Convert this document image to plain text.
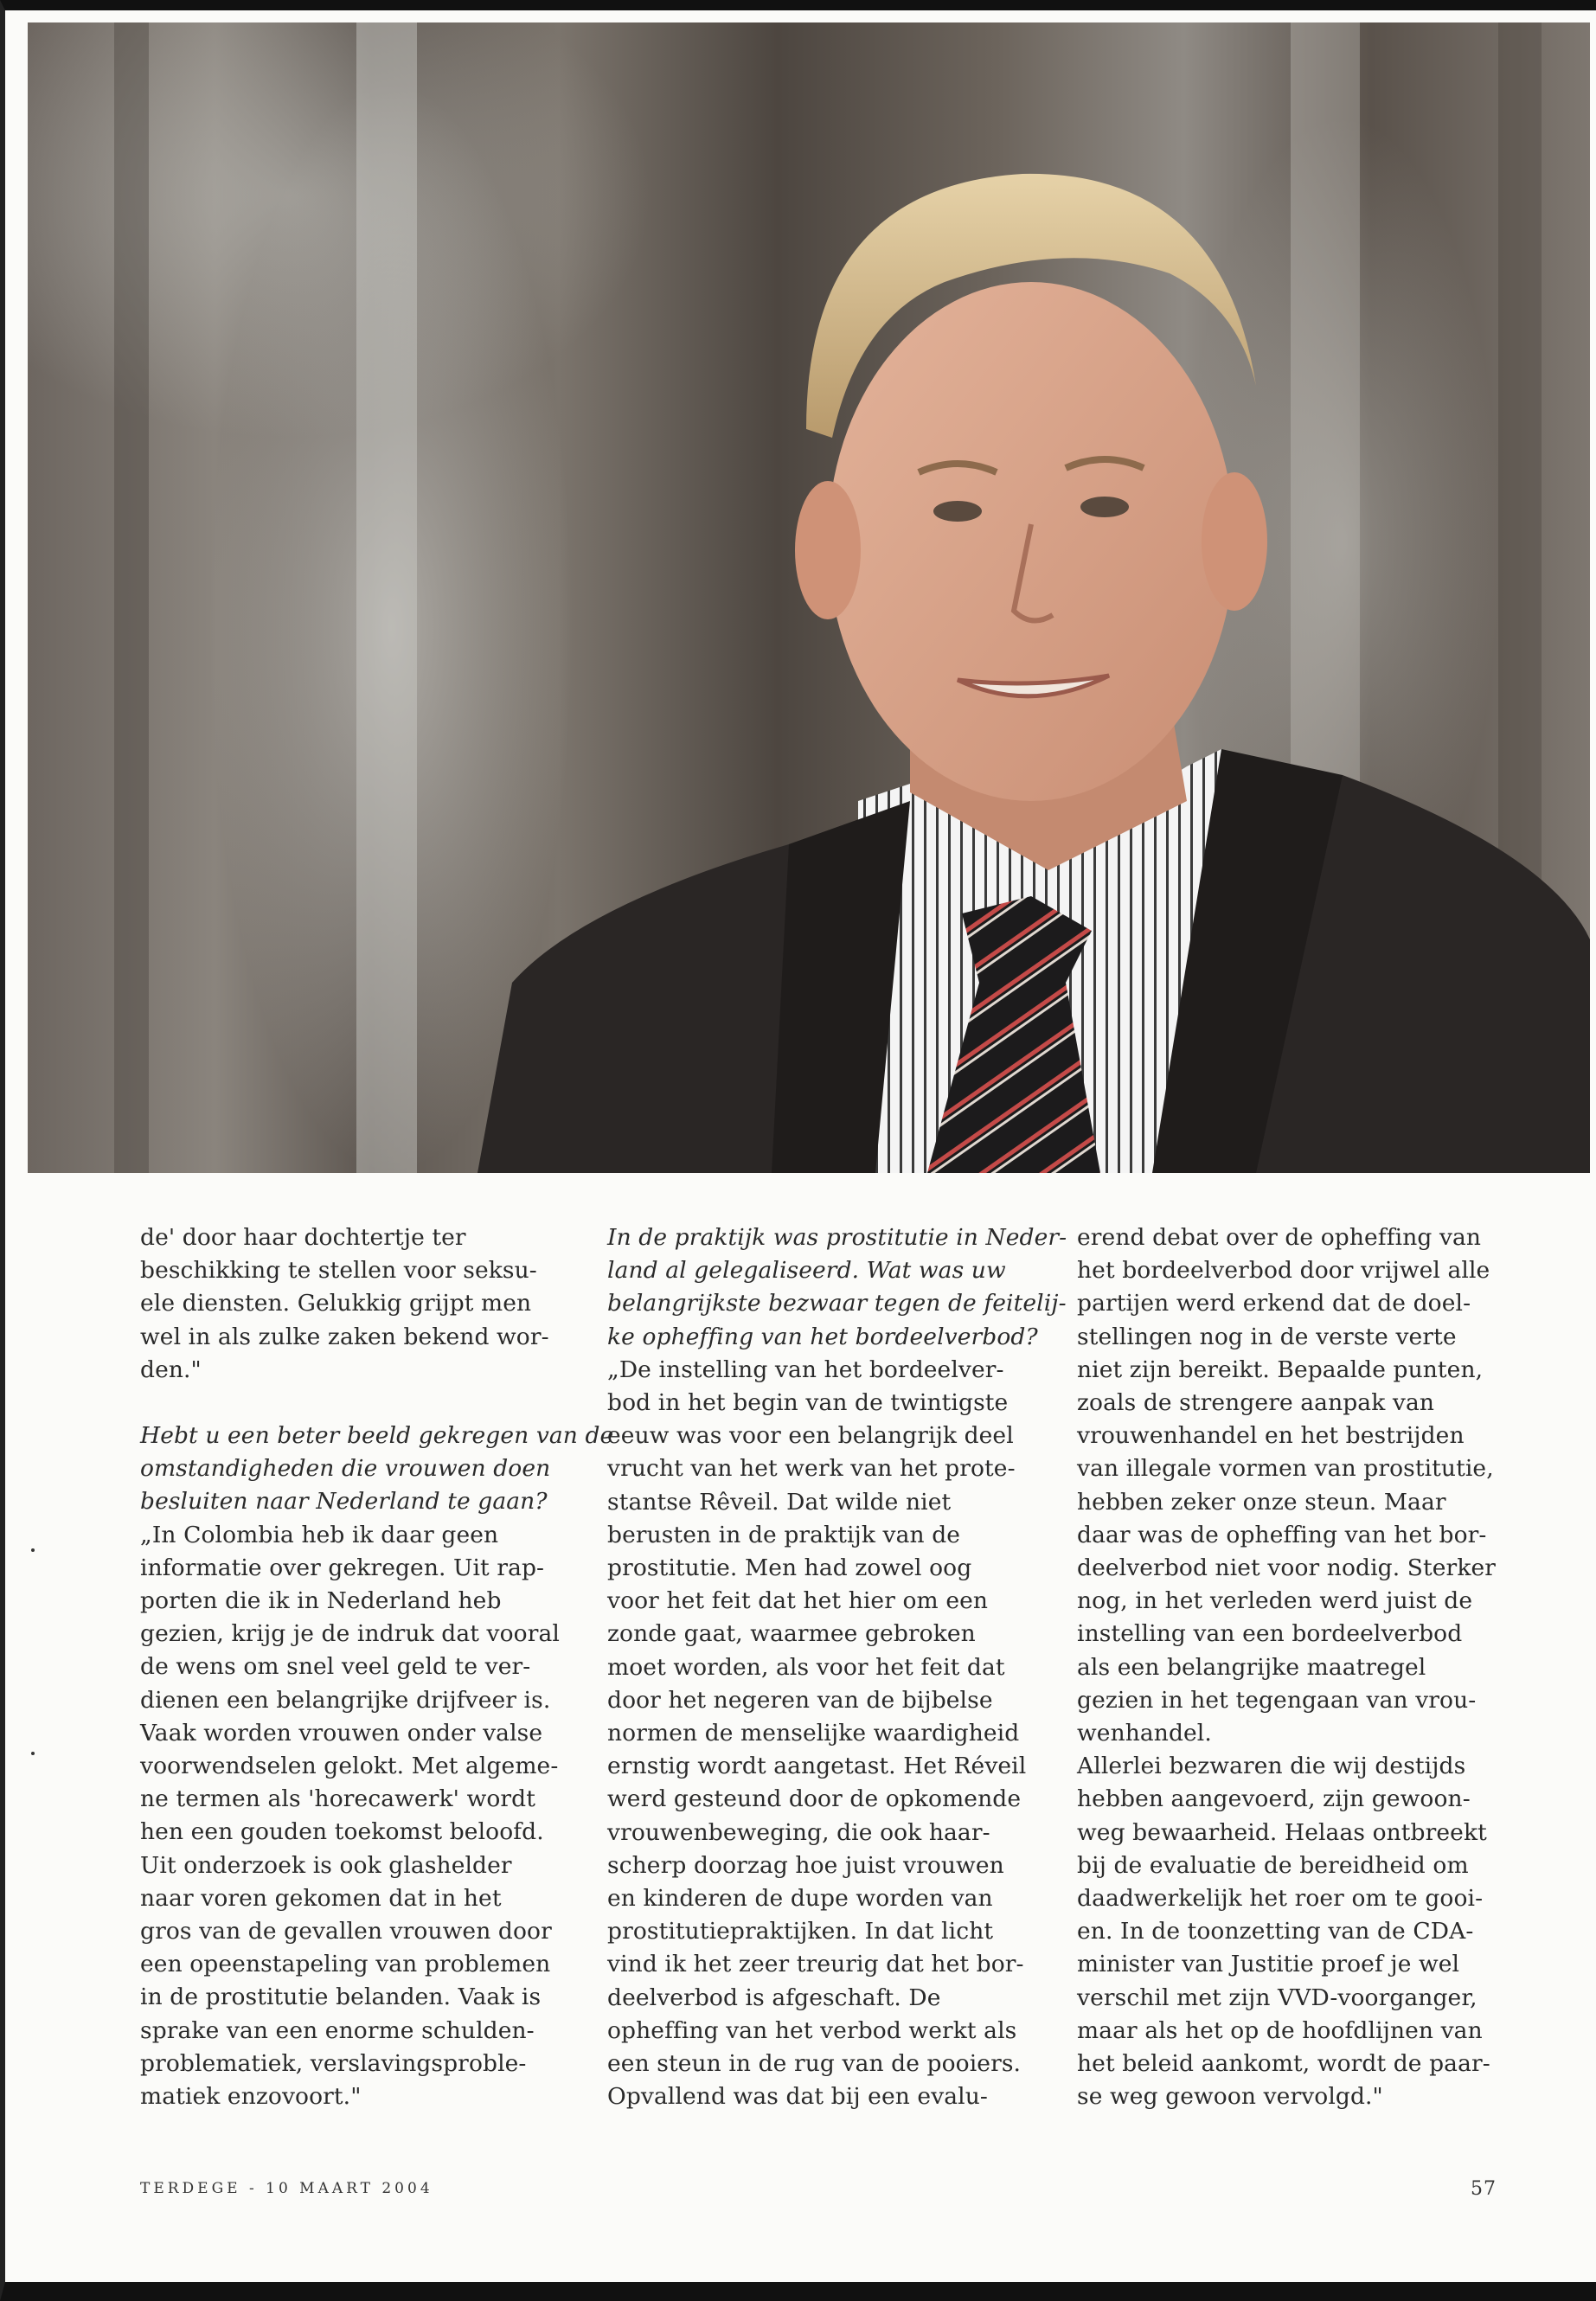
de' door haar dochtertje ter

beschikking te stellen voor seksu-

ele diensten. Gelukkig grijpt men

wel in als zulke zaken bekend wor-

den."

Hebt u een beter beeld gekregen van de

omstandigheden die vrouwen doen

besluiten naar Nederland te gaan?

„In Colombia heb ik daar geen

informatie over gekregen. Uit rap-

porten die ik in Nederland heb

gezien, krijg je de indruk dat vooral

de wens om snel veel geld te ver-

dienen een belangrijke drijfveer is.

Vaak worden vrouwen onder valse

voorwendselen gelokt. Met algeme-

ne termen als 'horecawerk' wordt

hen een gouden toekomst beloofd.

Uit onderzoek is ook glashelder

naar voren gekomen dat in het

gros van de gevallen vrouwen door

een opeenstapeling van problemen

in de prostitutie belanden. Vaak is

sprake van een enorme schulden-

problematiek, verslavingsproble-

matiek enzovoort."

In de praktijk was prostitutie in Neder-

land al gelegaliseerd. Wat was uw

belangrijkste bezwaar tegen de feitelij-

ke opheffing van het bordeelverbod?

„De instelling van het bordeelver-

bod in het begin van de twintigste

eeuw was voor een belangrijk deel

vrucht van het werk van het prote-

stantse Rêveil. Dat wilde niet

berusten in de praktijk van de

prostitutie. Men had zowel oog

voor het feit dat het hier om een

zonde gaat, waarmee gebroken

moet worden, als voor het feit dat

door het negeren van de bijbelse

normen de menselijke waardigheid

ernstig wordt aangetast. Het Réveil

werd gesteund door de opkomende

vrouwenbeweging, die ook haar-

scherp doorzag hoe juist vrouwen

en kinderen de dupe worden van

prostitutiepraktijken. In dat licht

vind ik het zeer treurig dat het bor-

deelverbod is afgeschaft. De

opheffing van het verbod werkt als

een steun in de rug van de pooiers.

Opvallend was dat bij een evalu-

erend debat over de opheffing van

het bordeelverbod door vrijwel alle

partijen werd erkend dat de doel-

stellingen nog in de verste verte

niet zijn bereikt. Bepaalde punten,

zoals de strengere aanpak van

vrouwenhandel en het bestrijden

van illegale vormen van prostitutie,

hebben zeker onze steun. Maar

daar was de opheffing van het bor-

deelverbod niet voor nodig. Sterker

nog, in het verleden werd juist de

instelling van een bordeelverbod

als een belangrijke maatregel

gezien in het tegengaan van vrou-

wenhandel.

Allerlei bezwaren die wij destijds

hebben aangevoerd, zijn gewoon-

weg bewaarheid. Helaas ontbreekt

bij de evaluatie de bereidheid om

daadwerkelijk het roer om te gooi-

en. In de toonzetting van de CDA-

minister van Justitie proef je wel

verschil met zijn VVD-voorganger,

maar als het op de hoofdlijnen van

het beleid aankomt, wordt de paar-

se weg gewoon vervolgd."

TERDEGE - 10 MAART 2004	57
